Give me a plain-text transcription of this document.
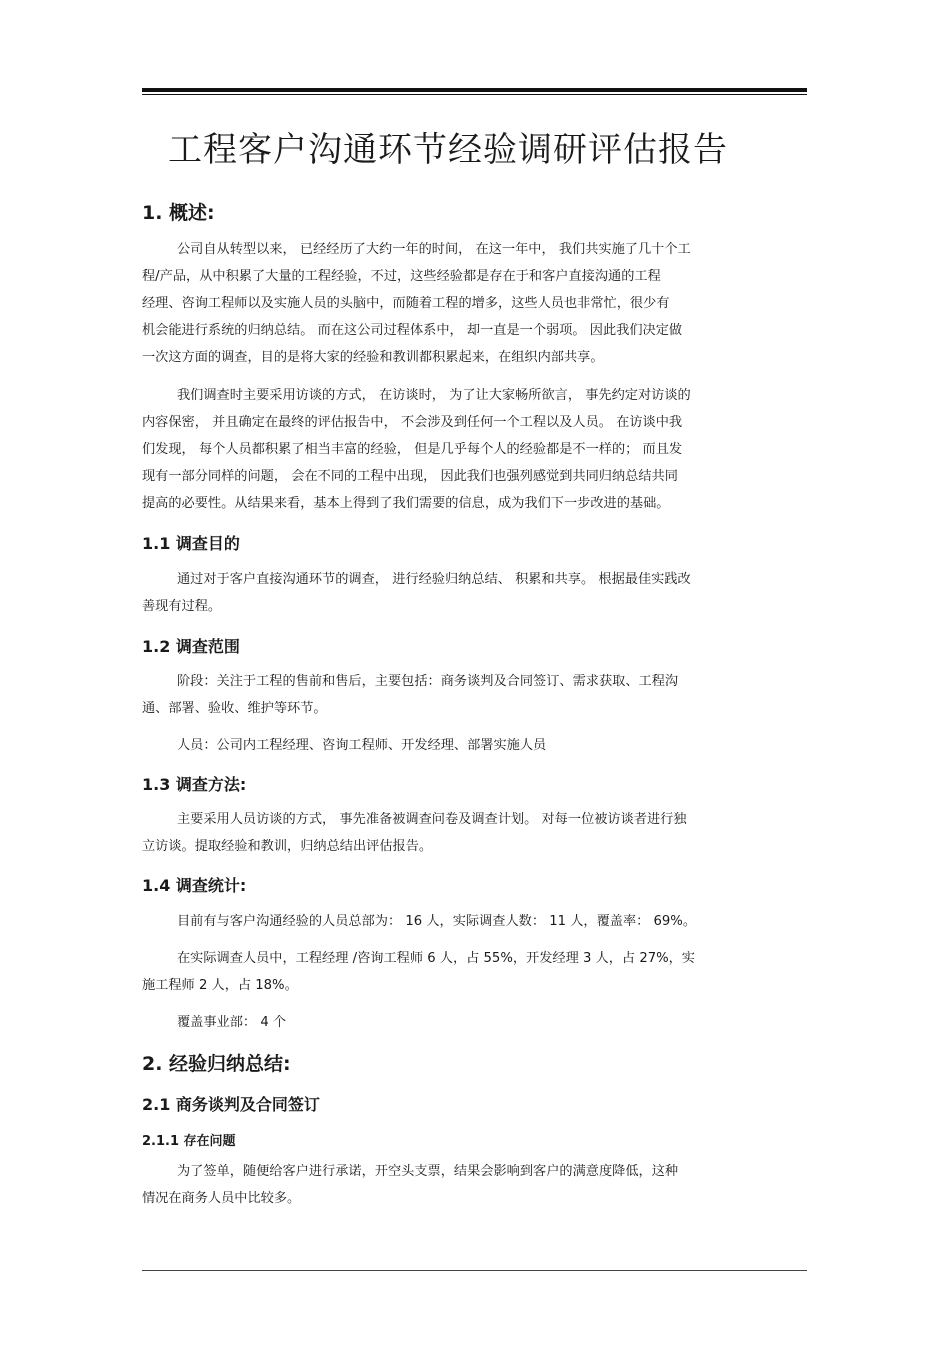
工程客户沟通环节经验调研评估报告
1. 概述:
公司自从转型以来， 已经经历了大约一年的时间， 在这一年中， 我们共实施了几十个工
程/产品，从中积累了大量的工程经验，不过，这些经验都是存在于和客户直接沟通的工程
经理、咨询工程师以及实施人员的头脑中，而随着工程的增多，这些人员也非常忙，很少有
机会能进行系统的归纳总结。 而在这公司过程体系中， 却一直是一个弱项。 因此我们决定做
一次这方面的调查，目的是将大家的经验和教训都积累起来，在组织内部共享。
我们调查时主要采用访谈的方式， 在访谈时， 为了让大家畅所欲言， 事先约定对访谈的
内容保密， 并且确定在最终的评估报告中， 不会涉及到任何一个工程以及人员。 在访谈中我
们发现， 每个人员都积累了相当丰富的经验， 但是几乎每个人的经验都是不一样的； 而且发
现有一部分同样的问题， 会在不同的工程中出现， 因此我们也强列感觉到共同归纳总结共同
提高的必要性。从结果来看，基本上得到了我们需要的信息，成为我们下一步改进的基础。
1.1 调查目的
通过对于客户直接沟通环节的调查， 进行经验归纳总结、 积累和共享。 根据最佳实践改
善现有过程。
1.2 调查范围
阶段：关注于工程的售前和售后，主要包括：商务谈判及合同签订、需求获取、工程沟
通、部署、验收、维护等环节。
人员：公司内工程经理、咨询工程师、开发经理、部署实施人员
1.3 调查方法:
主要采用人员访谈的方式， 事先准备被调查问卷及调查计划。 对每一位被访谈者进行独
立访谈。提取经验和教训，归纳总结出评估报告。
1.4 调查统计:
目前有与客户沟通经验的人员总部为： 16 人，实际调查人数： 11 人，覆盖率： 69%。
在实际调查人员中，工程经理 /咨询工程师 6 人，占 55%，开发经理 3 人，占 27%，实
施工程师 2 人，占 18%。
覆盖事业部： 4 个
2. 经验归纳总结:
2.1 商务谈判及合同签订
2.1.1 存在问题
为了签单，随便给客户进行承诺，开空头支票，结果会影响到客户的满意度降低，这种
情况在商务人员中比较多。
